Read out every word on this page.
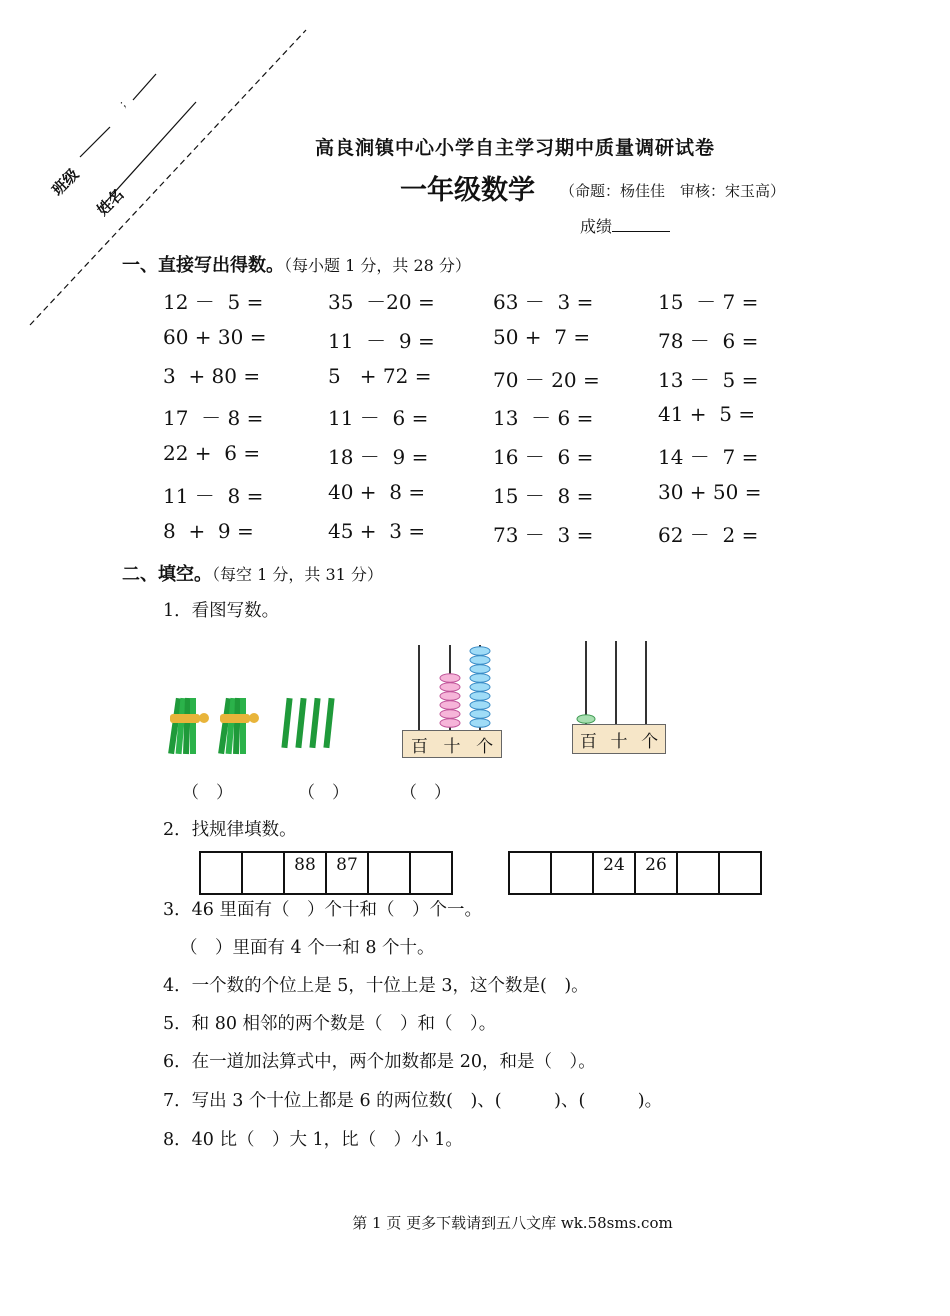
班级
姓名
；
高良涧镇中心小学自主学习期中质量调研试卷
一年级数学 （命题：杨佳佳　审核：宋玉高）
成绩
一、直接写出得数。（每小题 1 分，共 28 分）
12 －  5 =	35  －20 =	63 －  3 =	15  － 7 =
60 + 30 =	11  －  9 =	50 +  7 =	78 －  6 =
3  + 80 =	5   + 72 =	70 － 20 =	13 －  5 =
17  － 8 =	11 －  6 =	13  － 6 =	41 +  5 =
22 +  6 =	18 －  9 =	16 －  6 =	14 －  7 =
11 －  8 =	40 +  8 =	15 －  8 =	30 + 50 =
8  +  9 =	45 +  3 =	73 －  3 =	62 －  2 =
二、填空。（每空 1 分，共 31 分）
1．看图写数。
百 十 个	百 十 个
（　）	（　）	（　）
2．找规律填数。
		88	87		
			24	26		
3．46 里面有（　）个十和（　）个一。
（　）里面有 4 个一和 8 个十。
4．一个数的个位上是 5，十位上是 3，这个数是(　)。
5．和 80 相邻的两个数是（　）和（　）。
6．在一道加法算式中，两个加数都是 20，和是（　）。
7．写出 3 个十位上都是 6 的两位数(　)、(　　　)、(　　　)。
8．40 比（　）大 1，比（　）小 1。
第 1 页 更多下载请到五八文库 wk.58sms.com
